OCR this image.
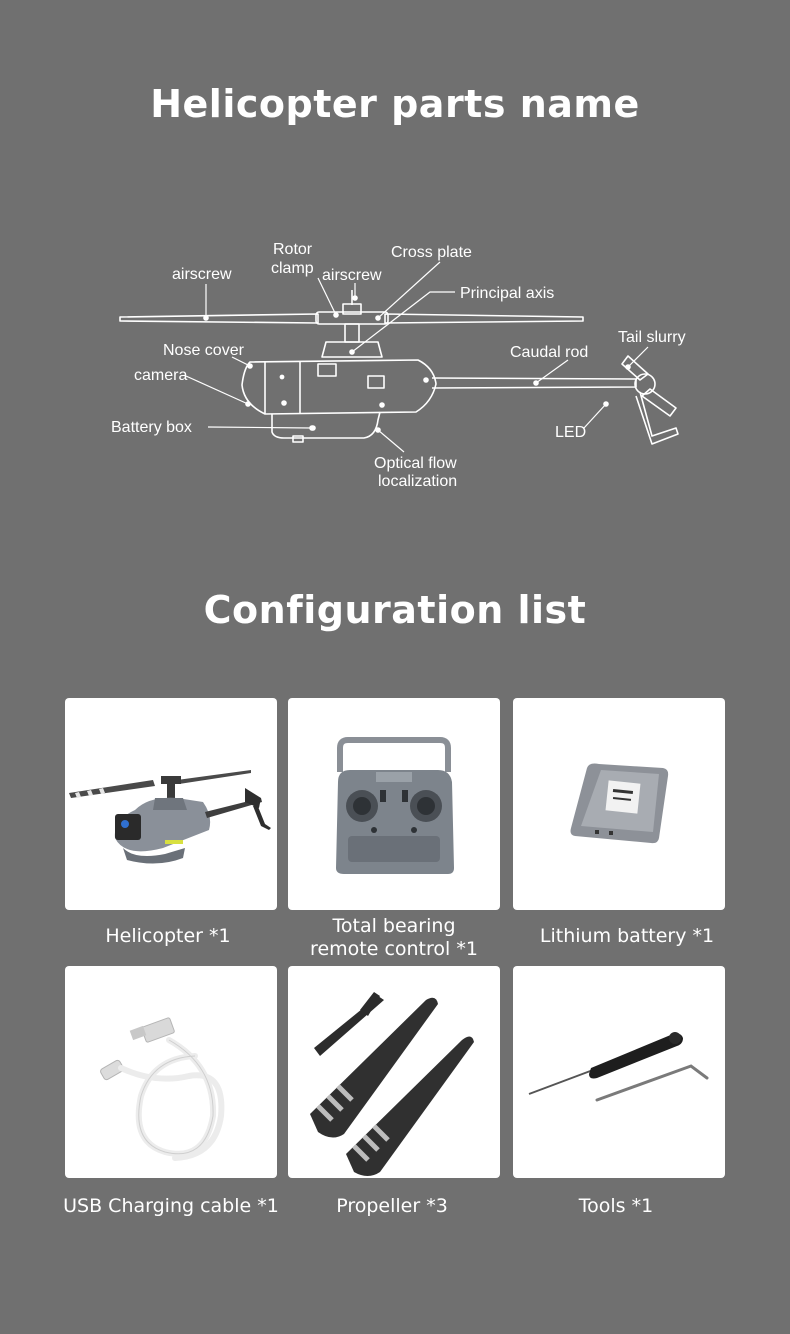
Helicopter parts name
airscrew
Rotor
clamp airscrew
Cross plate
Principal axis
Tail slurry
Nose cover	Caudal rod
camera
Battery box	LED
Optical flow
localization
Configuration list
Helicopter *1	Total bearing
remote control *1
Lithium battery *1
USB Charging cable *1	Propeller *3	Tools *1
